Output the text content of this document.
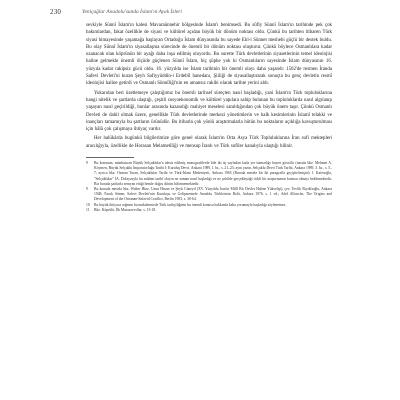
230	Yeniçağlar Anadolu'sunda İslam'ın Ayak İzleri

sevkiyle Sünnî İslam'ın kalesi Mavaraünnehir bölgesinde İslam'ı benimsedi. Bu sûfiy Sünnî İslam'ın tarihinde pek çok bakımlardan, fakat özellikle de siyasi ve kültürel açıdan büyük bir dönüm noktası oldu. Çünkü bu tarihten itibaren Türk siyasi himayesinde yaşamağa başlayan Ortadoğu İslam dünyasında bu sayede Ehl-i Sünnet meshebi güçlü bir destek buldu. Bu olay Sünnî İslam'ın siyasallaşma sürecinde de önemli bir dönüm noktası oluşturur. Çünkü böylece Osmanlılara kadar uzanacak olan köprünün bir ayağı daha inşa edilmiş oluyordu. Bu surette Türk devletlerinin siyasetlerinin temel ideolojisi haline gelmekle önemli ölçüde güçlenen Sünnî İslam, hiç şüphe yok ki Osmanlıların sayesinde İslam dünyasının 16. yüzyıla kadar rakipsiz gücü oldu. 16. yüzyılda ise İslam tarihinin bir önemli olayı daha yaşandı: 1502'de resmen İranda Safevi Devleti'ni kuran Şeyh Safiyyüddin-i Erdebîl hanedanı, Şiiliği de siyasallaştırarak sonuçta bu genç devletin resmî ideolojisi haline getirdi ve Osmanlı Sünnîliği'nin en amansız rakibi olarak tarihte yerini aldı.

Yukarıdan beri özetlemeye çalıştığımız bu önemli tarihsel süreçten nasıl başladığı, yani İslam'ın Türk topluluklarına hangi nitelik ve şartlarda ulaştığı, çeşitli sosyoekonomik ve kültürel yapılara sahip bulunan bu topluluklarda nasıl algılanıp yaşayan nasıl geçirildiği, bunlar arasında kazandığı mahiyet meselesi sanıldığından çok büyük önem taşır. Çünkü Osmanlı Devleti de dahil olmak üzere, genellikle Türk devletlerinde merkezi yönetimlerin ve halk kesimlerinin İslamî telakki ve inançları tamamıyla bu şartların ürünüdür. Bu itibarla çok yönlü araştırmalarla bütün bu noktaların açıklığa kavuşturulması için hâlâ çok çalışmaya ihtiyaç vardır.

Her halükârda bugünkü bilgilerimize göre genel olarak İslam'ın Orta Asya Türk Topluluklarına İran sufi mektepleri aracılığıyla, özellikle de Horasan Melametîliği ve mensup İranlı ve Türk sufiler kanalıyla ulaştığı bilinir.

9	Bu konunun, münhasıran Büyük Selçuklular'a tahsis edilmiş monografilerde bile iki üç sayfadan fazla yer tutmadığı hayret göstrilir (nasula bkz. Mehmet A. Köymen, Büyük Selçuklu İmparatorluğu Tarihi I: Kuruluş Devri, Ankara 1989, I. bs., s. 21–23; aynı yazar, Selçuklu Devri Türk Tarihi, Ankara 1989, 3. bs., s. 5–7; ayrıca bkz. Osman Turan, Selçuklular Tarihi ve Türk-İslam Medeniyeti, Ankara 1965 (Burada mesele bir iki paragrafla geçiştirilmiştir); I. Kafesoğlu, "Selçuklular" İA. Dolayısıyla bu mühim tarihî olayın ne zaman nasıl başladığı ve ne şekilde gerçekleştiği ciddi bir araştırmanın konusu olmayı beklemektedir. Biz burada şartlarla zemyan ettiği hemle doğru dürüst bilinmemektedir.
9	Bu konuda mesela bkz. Walter Hinz, Uzun Hasan ve Şeyh Cüneyd (XV. Yüzyılda İran'ın Millî Bir Devlet Haline Yükselişi), çev. Tevfik Bıyıklıoğlu, Ankara 1948; Faruk Sümer, Safevi Devleti'nin Kuruluşu ve Gelişmesinde Anadolu Türklerinin Rolü, Ankara 1976, s. 1 vd.; Adel Allouche, The Origins and Development of the Ottoman-Safavid Conflict, Berlin 1983, s. 30-64.
10	Bu büyük ihtiyaca rağmen bu makalemizde Türk tarihçiliğinin bu önemli konusu hakkında kaba yorumayla başladığı söylenemez.
11	Bkz. Köprülü, İlk Mutasavvıflar, s. 13-18.
